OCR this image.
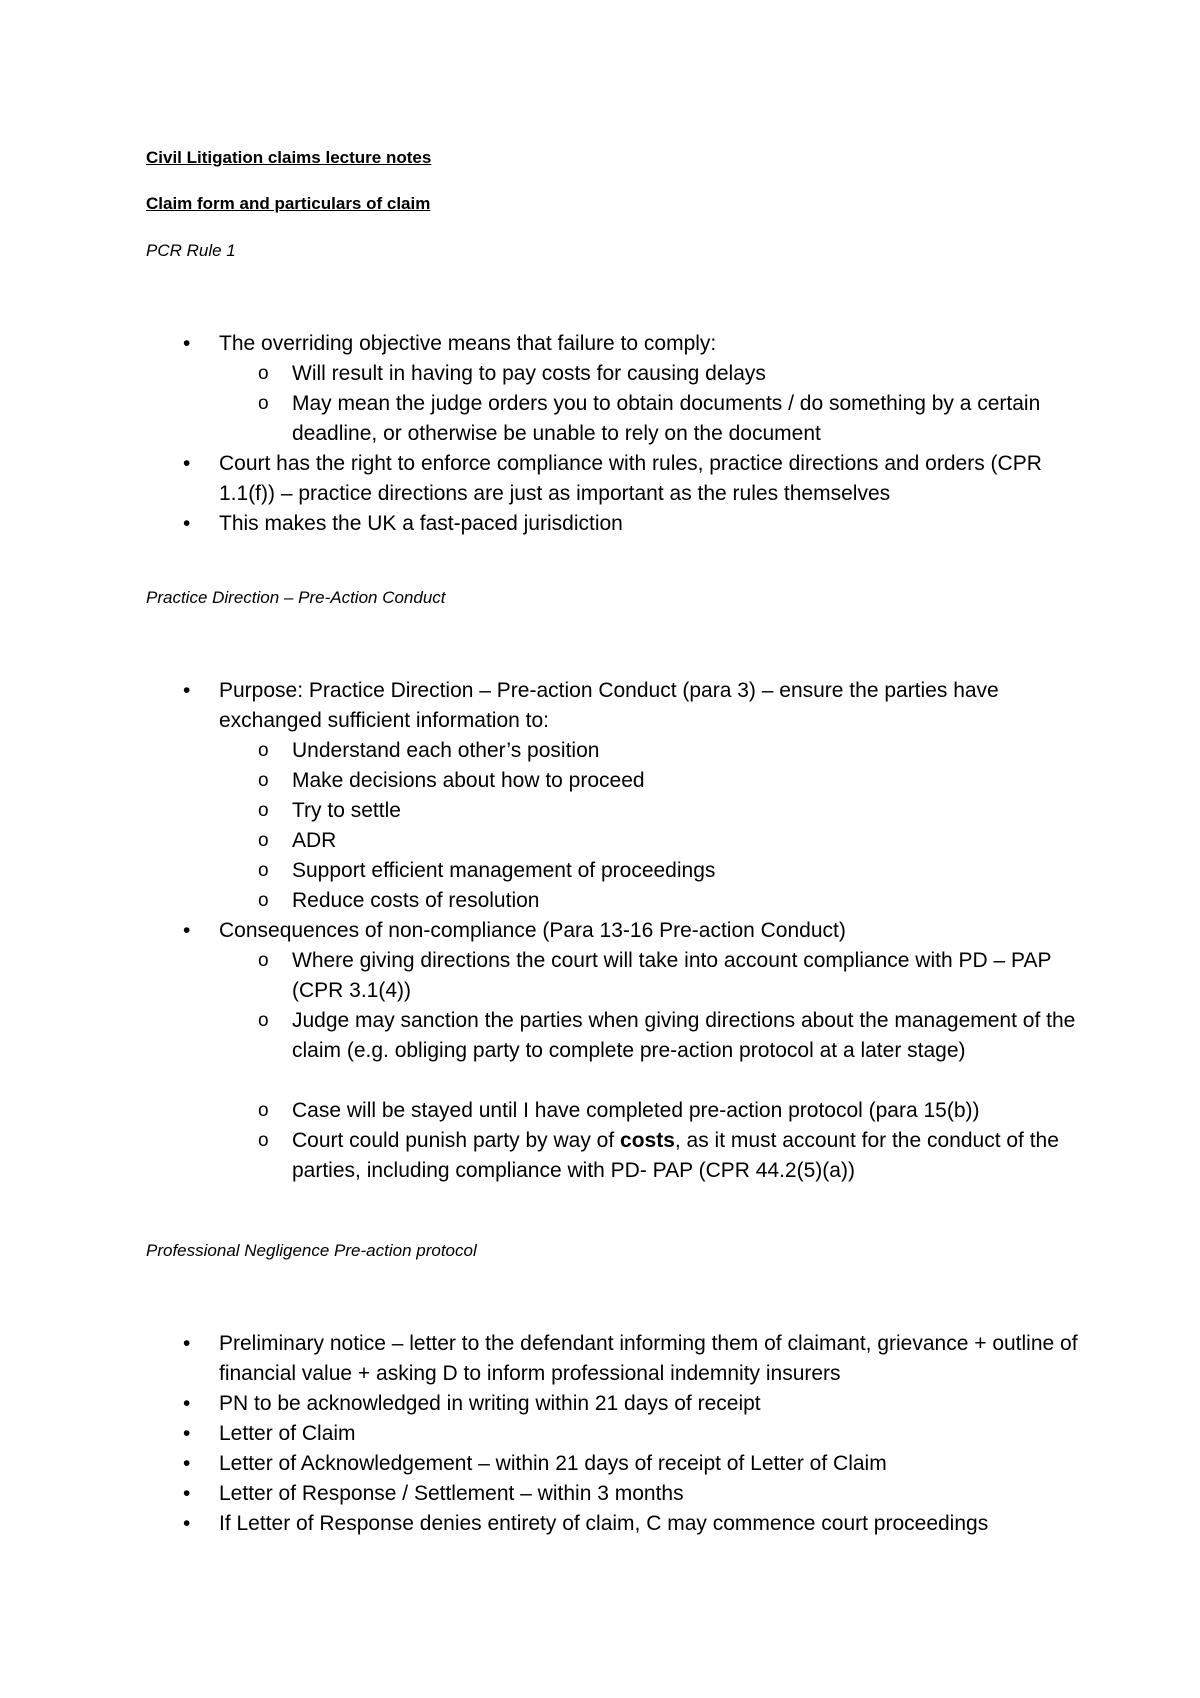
Civil Litigation claims lecture notes

Claim form and particulars of claim

PCR Rule 1

• The overriding objective means that failure to comply:
o Will result in having to pay costs for causing delays
o May mean the judge orders you to obtain documents / do something by a certain deadline, or otherwise be unable to rely on the document
• Court has the right to enforce compliance with rules, practice directions and orders (CPR 1.1(f)) – practice directions are just as important as the rules themselves
• This makes the UK a fast-paced jurisdiction

Practice Direction – Pre-Action Conduct

• Purpose: Practice Direction – Pre-action Conduct (para 3) – ensure the parties have exchanged sufficient information to:
o Understand each other’s position
o Make decisions about how to proceed
o Try to settle
o ADR
o Support efficient management of proceedings
o Reduce costs of resolution
• Consequences of non-compliance (Para 13-16 Pre-action Conduct)
o Where giving directions the court will take into account compliance with PD – PAP (CPR 3.1(4))
o Judge may sanction the parties when giving directions about the management of the claim (e.g. obliging party to complete pre-action protocol at a later stage)
o Case will be stayed until I have completed pre-action protocol (para 15(b))
o Court could punish party by way of costs, as it must account for the conduct of the parties, including compliance with PD- PAP (CPR 44.2(5)(a))

Professional Negligence Pre-action protocol

• Preliminary notice – letter to the defendant informing them of claimant, grievance + outline of financial value + asking D to inform professional indemnity insurers
• PN to be acknowledged in writing within 21 days of receipt
• Letter of Claim
• Letter of Acknowledgement – within 21 days of receipt of Letter of Claim
• Letter of Response / Settlement – within 3 months
• If Letter of Response denies entirety of claim, C may commence court proceedings
